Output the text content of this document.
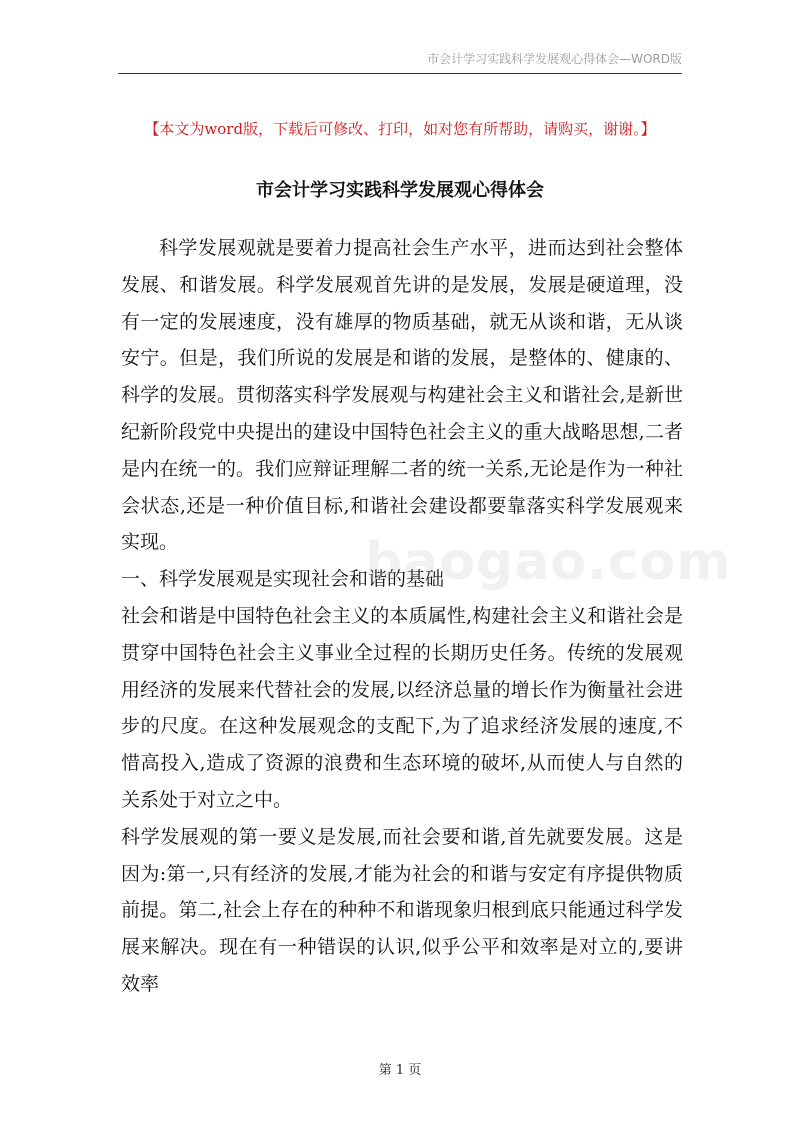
市会计学习实践科学发展观心得体会—WORD版
【本文为word版，下载后可修改、打印，如对您有所帮助，请购买，谢谢。】
市会计学习实践科学发展观心得体会

科学发展观就是要着力提高社会生产水平，进而达到社会整体发展、和谐发展。科学发展观首先讲的是发展，发展是硬道理，没有一定的发展速度，没有雄厚的物质基础，就无从谈和谐，无从谈安宁。但是，我们所说的发展是和谐的发展，是整体的、健康的、科学的发展。贯彻落实科学发展观与构建社会主义和谐社会,是新世纪新阶段党中央提出的建设中国特色社会主义的重大战略思想,二者是内在统一的。我们应辩证理解二者的统一关系,无论是作为一种社会状态,还是一种价值目标,和谐社会建设都要靠落实科学发展观来实现。

一、科学发展观是实现社会和谐的基础

社会和谐是中国特色社会主义的本质属性,构建社会主义和谐社会是贯穿中国特色社会主义事业全过程的长期历史任务。传统的发展观用经济的发展来代替社会的发展,以经济总量的增长作为衡量社会进步的尺度。在这种发展观念的支配下,为了追求经济发展的速度,不惜高投入,造成了资源的浪费和生态环境的破坏,从而使人与自然的关系处于对立之中。

科学发展观的第一要义是发展,而社会要和谐,首先就要发展。这是因为:第一,只有经济的发展,才能为社会的和谐与安定有序提供物质前提。第二,社会上存在的种种不和谐现象归根到底只能通过科学发展来解决。现在有一种错误的认识,似乎公平和效率是对立的,要讲效率

baogao.com
第 1 页
